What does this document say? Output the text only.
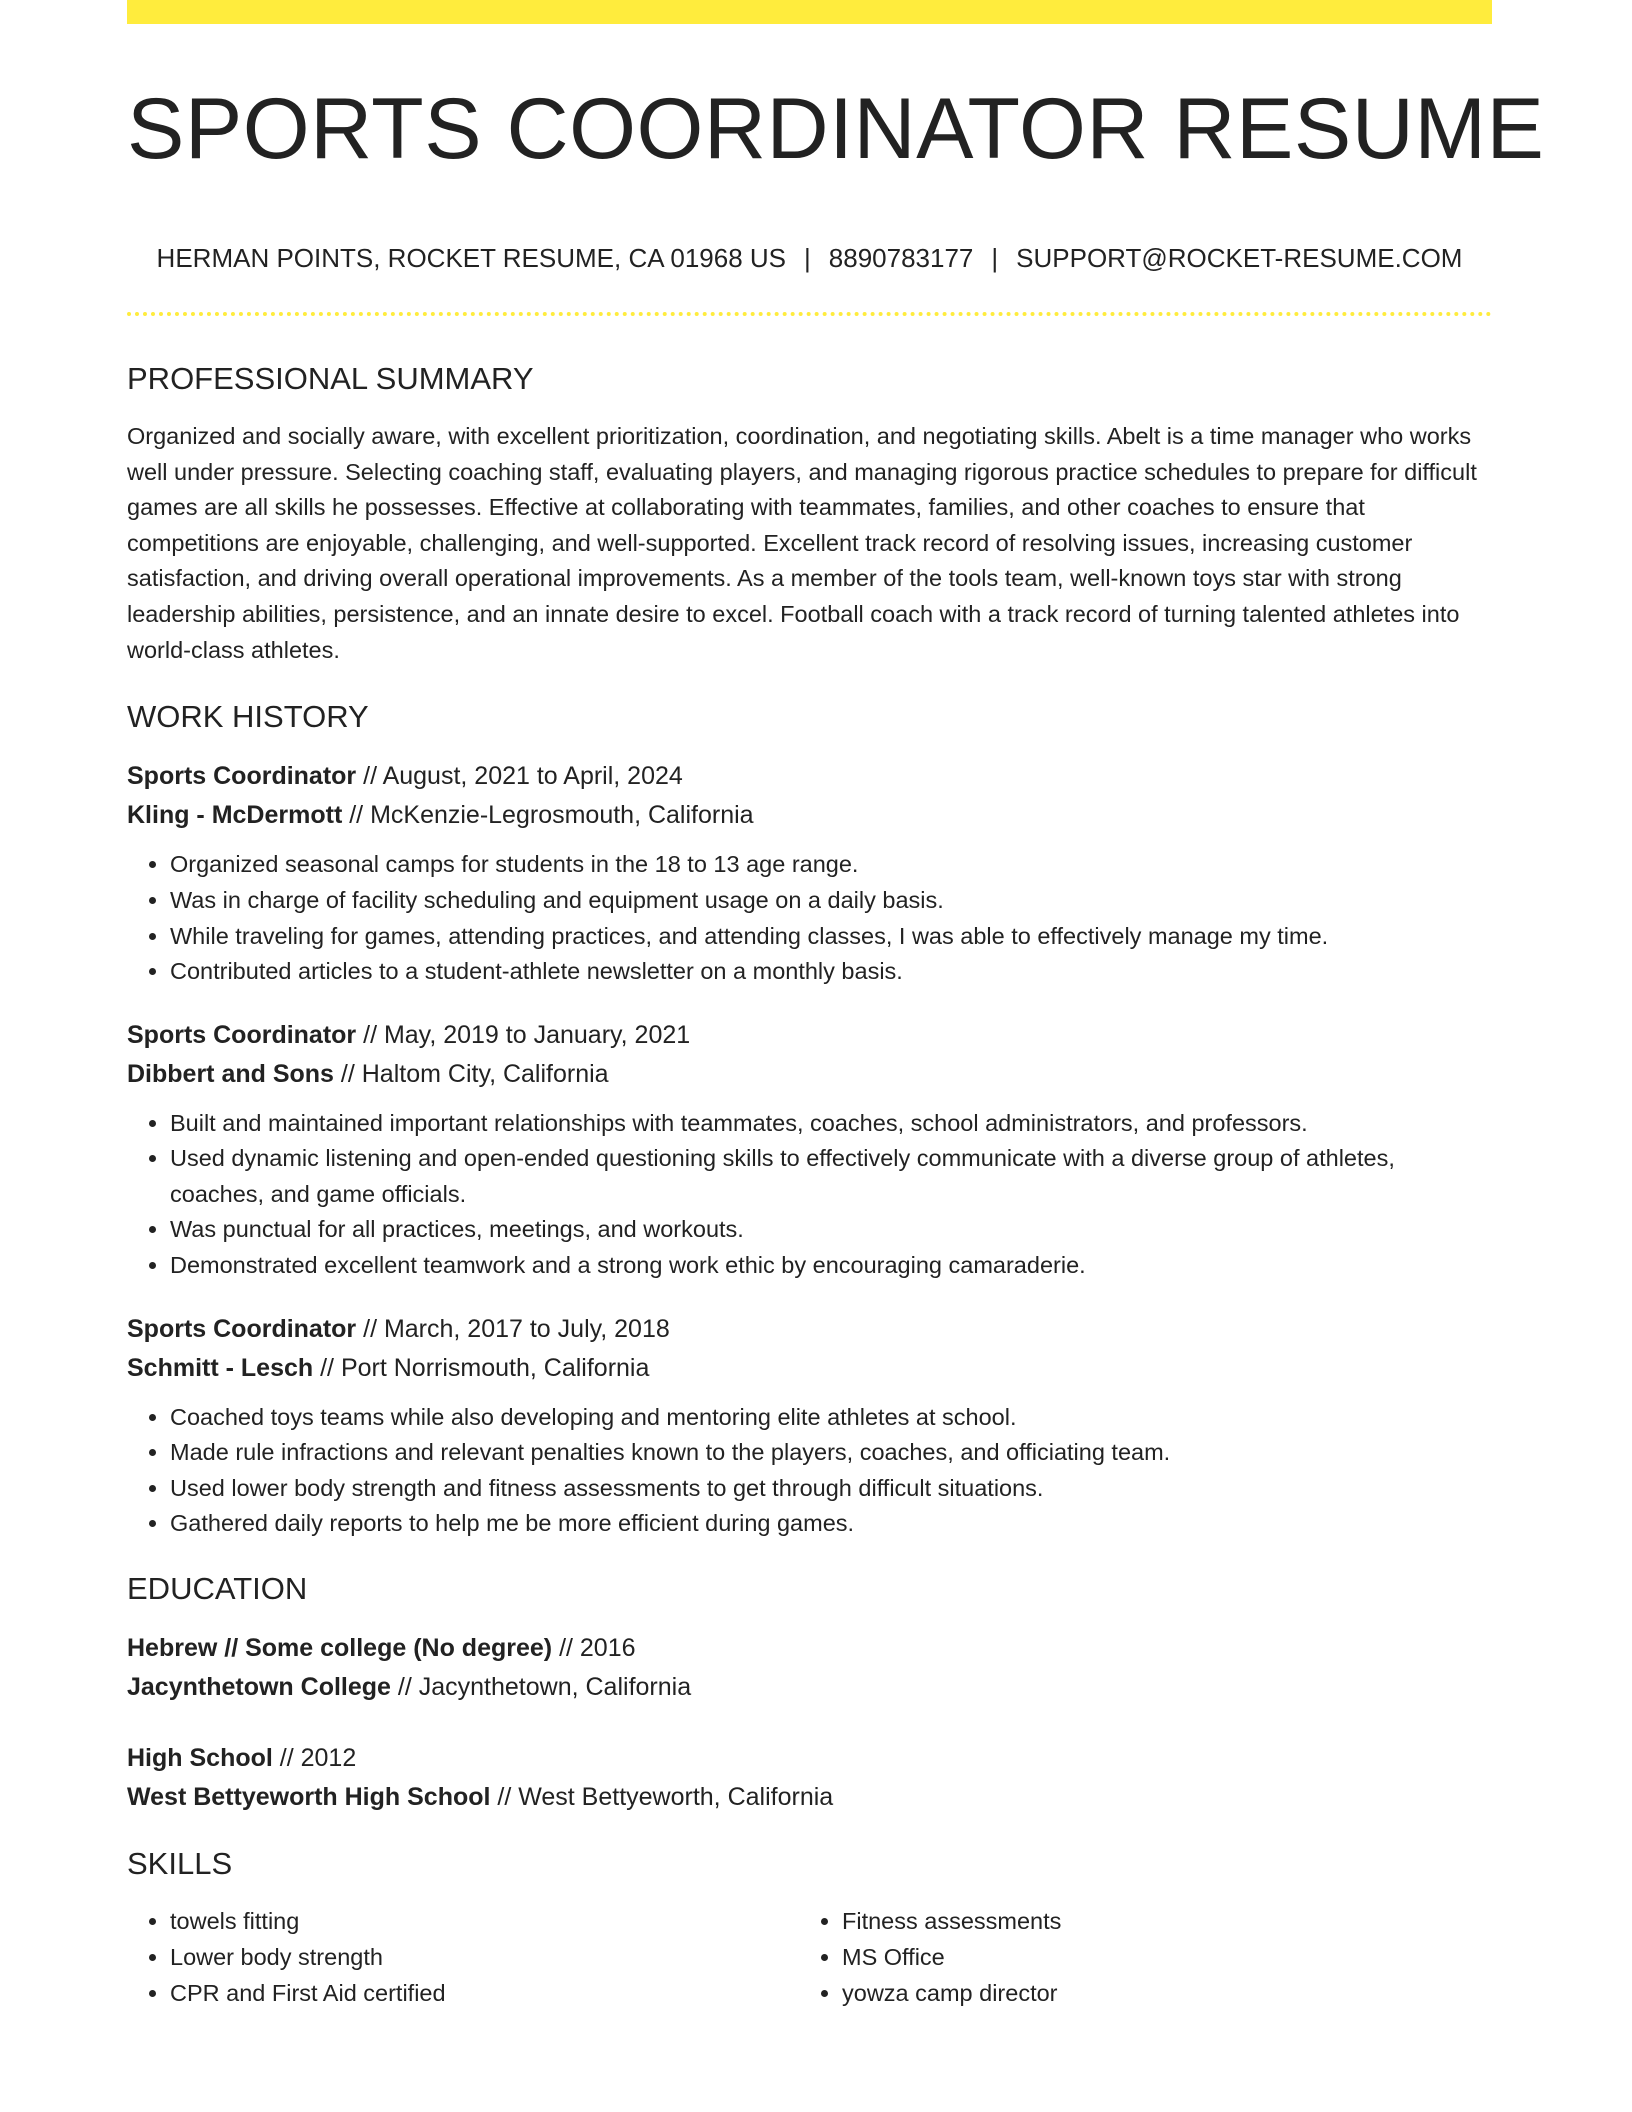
SPORTS COORDINATOR RESUME
HERMAN POINTS, ROCKET RESUME, CA 01968 US | 8890783177 | SUPPORT@ROCKET-RESUME.COM
PROFESSIONAL SUMMARY

Organized and socially aware, with excellent prioritization, coordination, and negotiating skills. Abelt is a time manager who works well under pressure. Selecting coaching staff, evaluating players, and managing rigorous practice schedules to prepare for difficult games are all skills he possesses. Effective at collaborating with teammates, families, and other coaches to ensure that competitions are enjoyable, challenging, and well-supported. Excellent track record of resolving issues, increasing customer satisfaction, and driving overall operational improvements. As a member of the tools team, well-known toys star with strong leadership abilities, persistence, and an innate desire to excel. Football coach with a track record of turning talented athletes into world-class athletes.

WORK HISTORY
Sports Coordinator // August, 2021 to April, 2024
Kling - McDermott // McKenzie-Legrosmouth, California
• Organized seasonal camps for students in the 18 to 13 age range.
• Was in charge of facility scheduling and equipment usage on a daily basis.
• While traveling for games, attending practices, and attending classes, I was able to effectively manage my time.
• Contributed articles to a student-athlete newsletter on a monthly basis.
Sports Coordinator // May, 2019 to January, 2021
Dibbert and Sons // Haltom City, California
• Built and maintained important relationships with teammates, coaches, school administrators, and professors.
• Used dynamic listening and open-ended questioning skills to effectively communicate with a diverse group of athletes, coaches, and game officials.
• Was punctual for all practices, meetings, and workouts.
• Demonstrated excellent teamwork and a strong work ethic by encouraging camaraderie.
Sports Coordinator // March, 2017 to July, 2018
Schmitt - Lesch // Port Norrismouth, California
• Coached toys teams while also developing and mentoring elite athletes at school.
• Made rule infractions and relevant penalties known to the players, coaches, and officiating team.
• Used lower body strength and fitness assessments to get through difficult situations.
• Gathered daily reports to help me be more efficient during games.
EDUCATION
Hebrew // Some college (No degree) // 2016
Jacynthetown College // Jacynthetown, California
High School // 2012
West Bettyeworth High School // West Bettyeworth, California
SKILLS
• towels fitting
• Lower body strength
• CPR and First Aid certified
• Fitness assessments
• MS Office
• yowza camp director
